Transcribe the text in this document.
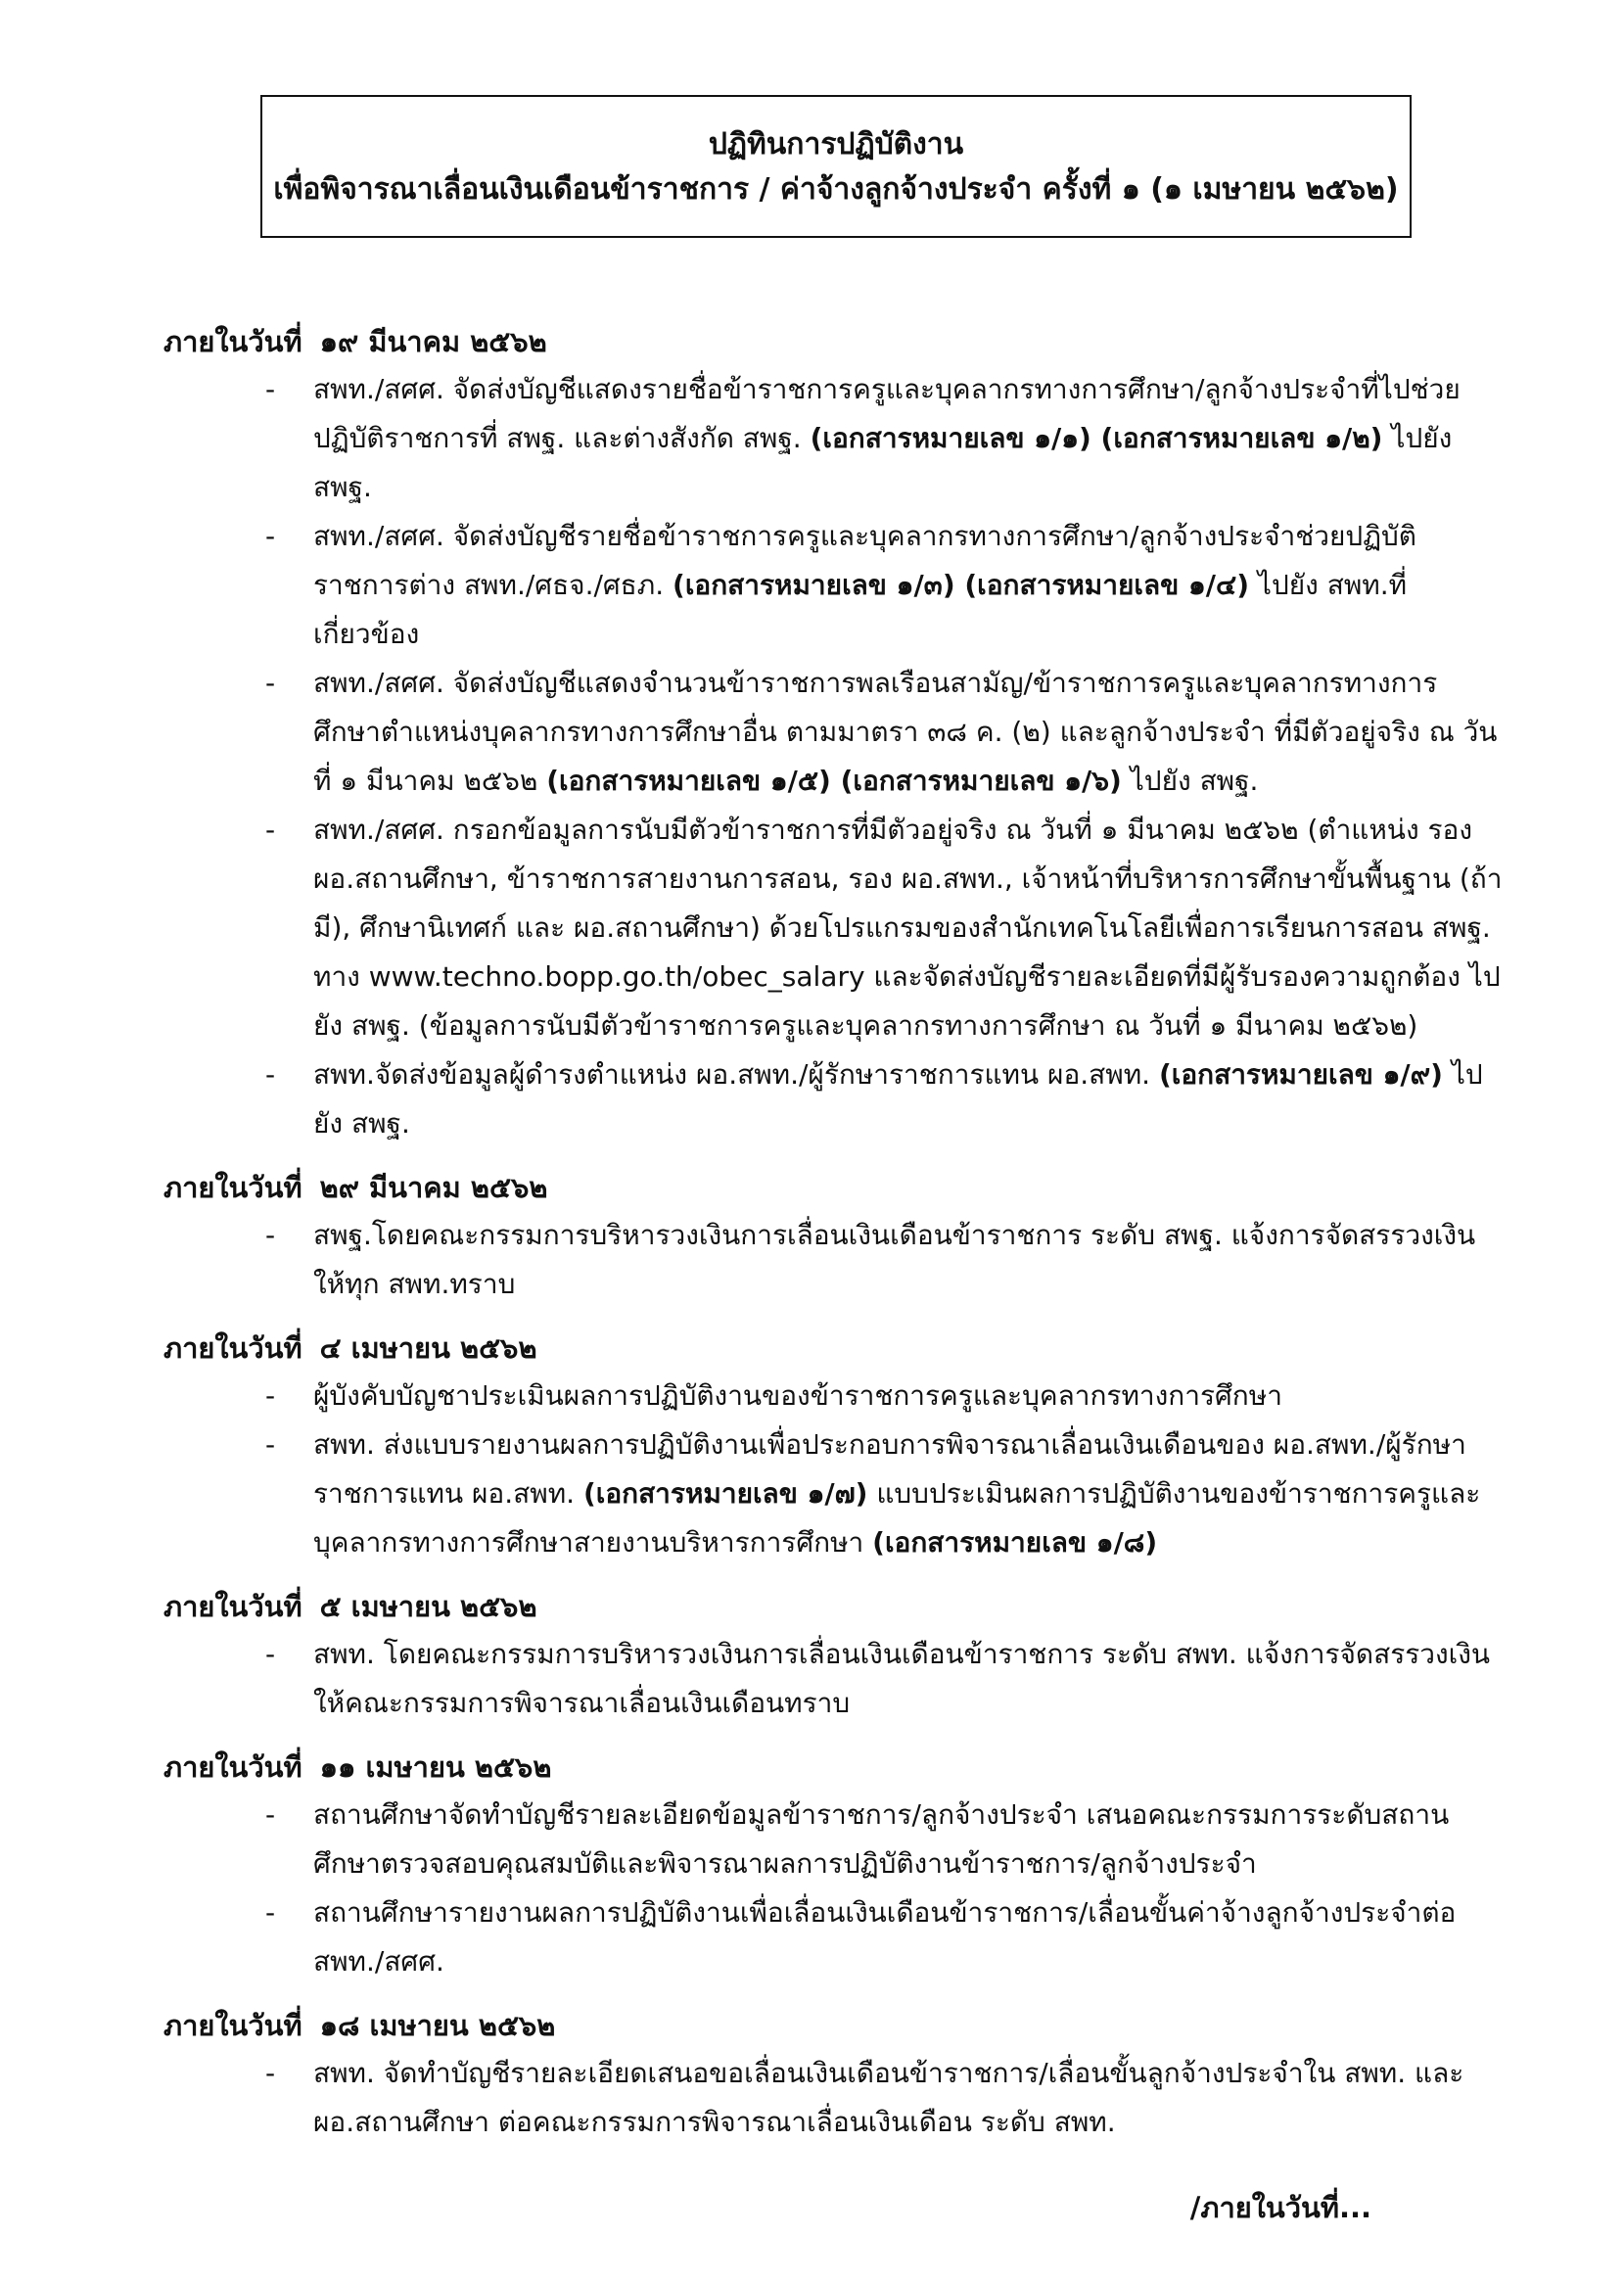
ปฏิทินการปฏิบัติงาน
เพื่อพิจารณาเลื่อนเงินเดือนข้าราชการ / ค่าจ้างลูกจ้างประจำ ครั้งที่ ๑ (๑ เมษายน ๒๕๖๒)
ภายในวันที่ ๑๙ มีนาคม ๒๕๖๒
- สพท./สศศ. จัดส่งบัญชีแสดงรายชื่อข้าราชการครูและบุคลากรทางการศึกษา/ลูกจ้างประจำที่ไปช่วยปฏิบัติราชการที่ สพฐ. และต่างสังกัด สพฐ. (เอกสารหมายเลข ๑/๑) (เอกสารหมายเลข ๑/๒) ไปยัง สพฐ.
- สพท./สศศ. จัดส่งบัญชีรายชื่อข้าราชการครูและบุคลากรทางการศึกษา/ลูกจ้างประจำช่วยปฏิบัติราชการต่าง สพท./ศธจ./ศธภ. (เอกสารหมายเลข ๑/๓) (เอกสารหมายเลข ๑/๔) ไปยัง สพท.ที่เกี่ยวข้อง
- สพท./สศศ. จัดส่งบัญชีแสดงจำนวนข้าราชการพลเรือนสามัญ/ข้าราชการครูและบุคลากรทางการศึกษาตำแหน่งบุคลากรทางการศึกษาอื่น ตามมาตรา ๓๘ ค. (๒) และลูกจ้างประจำ ที่มีตัวอยู่จริง ณ วันที่ ๑ มีนาคม ๒๕๖๒ (เอกสารหมายเลข ๑/๕) (เอกสารหมายเลข ๑/๖) ไปยัง สพฐ.
- สพท./สศศ. กรอกข้อมูลการนับมีตัวข้าราชการที่มีตัวอยู่จริง ณ วันที่ ๑ มีนาคม ๒๕๖๒ (ตำแหน่ง รอง ผอ.สถานศึกษา, ข้าราชการสายงานการสอน, รอง ผอ.สพท., เจ้าหน้าที่บริหารการศึกษาขั้นพื้นฐาน (ถ้ามี), ศึกษานิเทศก์ และ ผอ.สถานศึกษา) ด้วยโปรแกรมของสำนักเทคโนโลยีเพื่อการเรียนการสอน สพฐ. ทาง www.techno.bopp.go.th/obec_salary และจัดส่งบัญชีรายละเอียดที่มีผู้รับรองความถูกต้อง ไปยัง สพฐ. (ข้อมูลการนับมีตัวข้าราชการครูและบุคลากรทางการศึกษา ณ วันที่ ๑ มีนาคม ๒๕๖๒)
- สพท.จัดส่งข้อมูลผู้ดำรงตำแหน่ง ผอ.สพท./ผู้รักษาราชการแทน ผอ.สพท. (เอกสารหมายเลข ๑/๙) ไปยัง สพฐ.
ภายในวันที่ ๒๙ มีนาคม ๒๕๖๒
- สพฐ.โดยคณะกรรมการบริหารวงเงินการเลื่อนเงินเดือนข้าราชการ ระดับ สพฐ. แจ้งการจัดสรรวงเงินให้ทุก สพท.ทราบ
ภายในวันที่ ๔ เมษายน ๒๕๖๒
- ผู้บังคับบัญชาประเมินผลการปฏิบัติงานของข้าราชการครูและบุคลากรทางการศึกษา
- สพท. ส่งแบบรายงานผลการปฏิบัติงานเพื่อประกอบการพิจารณาเลื่อนเงินเดือนของ ผอ.สพท./ผู้รักษาราชการแทน ผอ.สพท. (เอกสารหมายเลข ๑/๗) แบบประเมินผลการปฏิบัติงานของข้าราชการครูและบุคลากรทางการศึกษาสายงานบริหารการศึกษา (เอกสารหมายเลข ๑/๘)
ภายในวันที่ ๕ เมษายน ๒๕๖๒
- สพท. โดยคณะกรรมการบริหารวงเงินการเลื่อนเงินเดือนข้าราชการ ระดับ สพท. แจ้งการจัดสรรวงเงินให้คณะกรรมการพิจารณาเลื่อนเงินเดือนทราบ
ภายในวันที่ ๑๑ เมษายน ๒๕๖๒
- สถานศึกษาจัดทำบัญชีรายละเอียดข้อมูลข้าราชการ/ลูกจ้างประจำ เสนอคณะกรรมการระดับสถานศึกษาตรวจสอบคุณสมบัติและพิจารณาผลการปฏิบัติงานข้าราชการ/ลูกจ้างประจำ
- สถานศึกษารายงานผลการปฏิบัติงานเพื่อเลื่อนเงินเดือนข้าราชการ/เลื่อนขั้นค่าจ้างลูกจ้างประจำต่อ สพท./สศศ.
ภายในวันที่ ๑๘ เมษายน ๒๕๖๒
- สพท. จัดทำบัญชีรายละเอียดเสนอขอเลื่อนเงินเดือนข้าราชการ/เลื่อนขั้นลูกจ้างประจำใน สพท. และ ผอ.สถานศึกษา ต่อคณะกรรมการพิจารณาเลื่อนเงินเดือน ระดับ สพท.
/ภายในวันที่...
